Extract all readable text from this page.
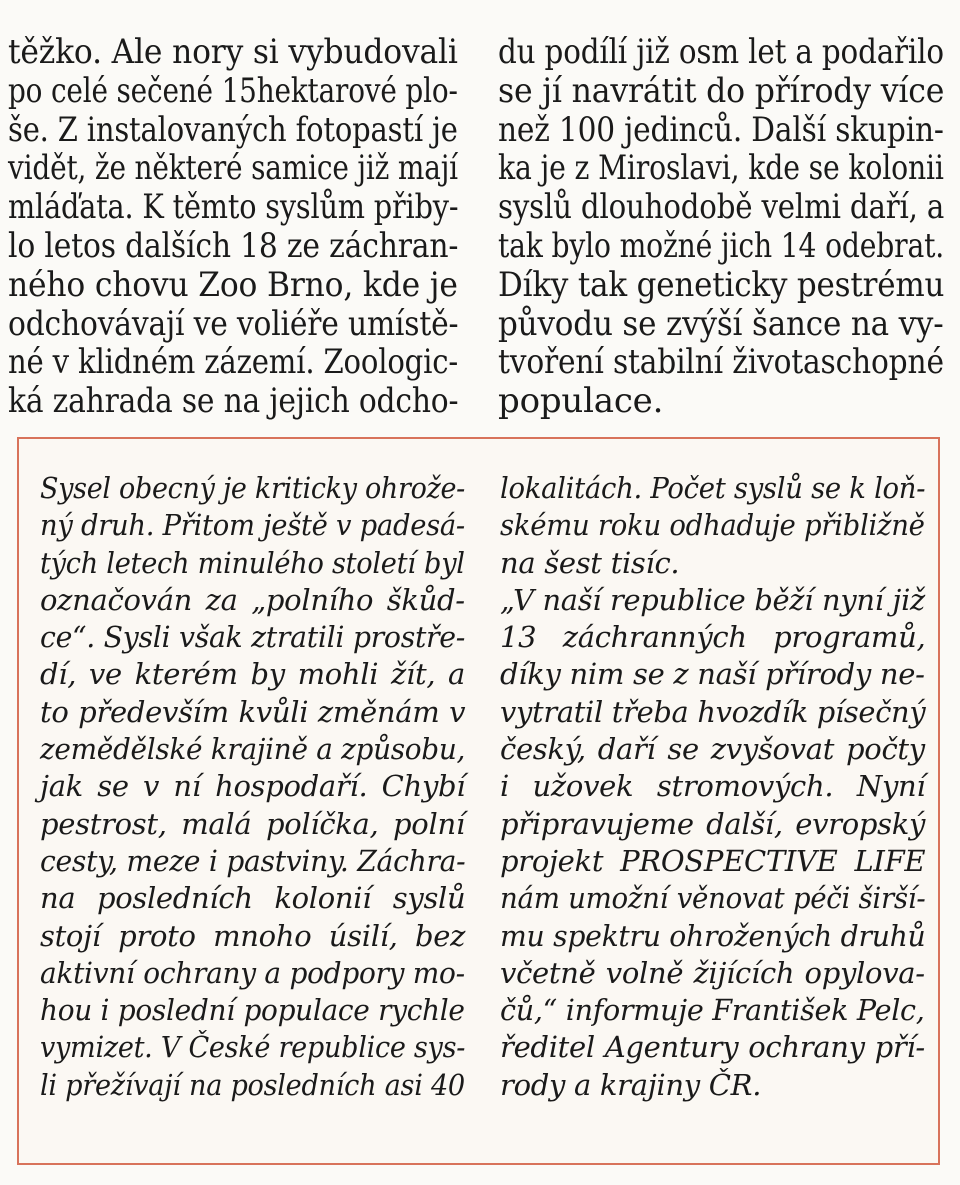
těžko. Ale nory si vybudovali
po celé sečené 15hektarové plo-
še. Z instalovaných fotopastí je
vidět, že některé samice již mají
mláďata. K těmto syslům přiby-
lo letos dalších 18 ze záchran-
ného chovu Zoo Brno, kde je
odchovávají ve voliéře umístě-
né v klidném zázemí. Zoologic-
ká zahrada se na jejich odcho-
du podílí již osm let a podařilo
se jí navrátit do přírody více
než 100 jedinců. Další skupin-
ka je z Miroslavi, kde se kolonii
syslů dlouhodobě velmi daří, a
tak bylo možné jich 14 odebrat.
Díky tak geneticky pestrému
původu se zvýší šance na vy-
tvoření stabilní životaschopné
populace.
Sysel obecný je kriticky ohrože-
ný druh. Přitom ještě v padesá-
tých letech minulého století byl
označován za „polního škůd-
ce“. Sysli však ztratili prostře-
dí, ve kterém by mohli žít, a
to především kvůli změnám v
zemědělské krajině a způsobu,
jak se v ní hospodaří. Chybí
pestrost, malá políčka, polní
cesty, meze i pastviny. Záchra-
na posledních kolonií syslů
stojí proto mnoho úsilí, bez
aktivní ochrany a podpory mo-
hou i poslední populace rychle
vymizet. V České republice sys-
li přežívají na posledních asi 40
lokalitách. Počet syslů se k loň-
skému roku odhaduje přibližně
na šest tisíc.
„V naší republice běží nyní již
13 záchranných programů,
díky nim se z naší přírody ne-
vytratil třeba hvozdík písečný
český, daří se zvyšovat počty
i užovek stromových. Nyní
připravujeme další, evropský
projekt PROSPECTIVE LIFE
nám umožní věnovat péči širší-
mu spektru ohrožených druhů
včetně volně žijících opylova-
čů,“ informuje František Pelc,
ředitel Agentury ochrany pří-
rody a krajiny ČR.
